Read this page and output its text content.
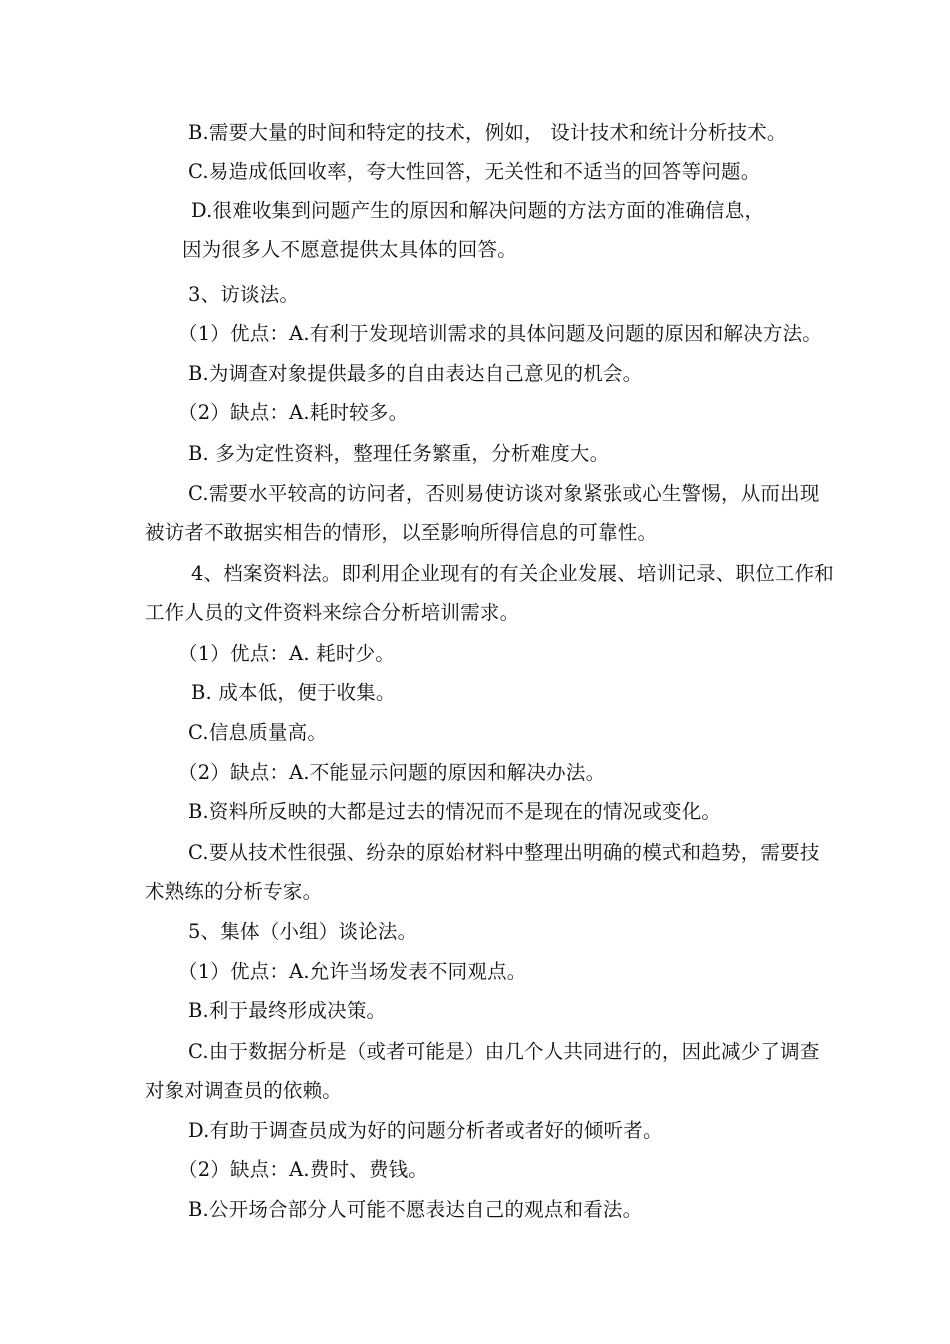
B.需要大量的时间和特定的技术，例如， 设计技术和统计分析技术。
C.易造成低回收率，夸大性回答，无关性和不适当的回答等问题。
D.很难收集到问题产生的原因和解决问题的方法方面的准确信息，
因为很多人不愿意提供太具体的回答。
3、访谈法。
（1）优点：A.有利于发现培训需求的具体问题及问题的原因和解决方法。
B.为调查对象提供最多的自由表达自己意见的机会。
（2）缺点：A.耗时较多。
B. 多为定性资料，整理任务繁重，分析难度大。
C.需要水平较高的访问者，否则易使访谈对象紧张或心生警惕，从而出现
被访者不敢据实相告的情形，以至影响所得信息的可靠性。
4、档案资料法。即利用企业现有的有关企业发展、培训记录、职位工作和
工作人员的文件资料来综合分析培训需求。
（1）优点：A. 耗时少。
B. 成本低，便于收集。
C.信息质量高。
（2）缺点：A.不能显示问题的原因和解决办法。
B.资料所反映的大都是过去的情况而不是现在的情况或变化。
C.要从技术性很强、纷杂的原始材料中整理出明确的模式和趋势，需要技
术熟练的分析专家。
5、集体（小组）谈论法。
（1）优点：A.允许当场发表不同观点。
B.利于最终形成决策。
C.由于数据分析是（或者可能是）由几个人共同进行的，因此减少了调查
对象对调查员的依赖。
D.有助于调查员成为好的问题分析者或者好的倾听者。
（2）缺点：A.费时、费钱。
B.公开场合部分人可能不愿表达自己的观点和看法。
